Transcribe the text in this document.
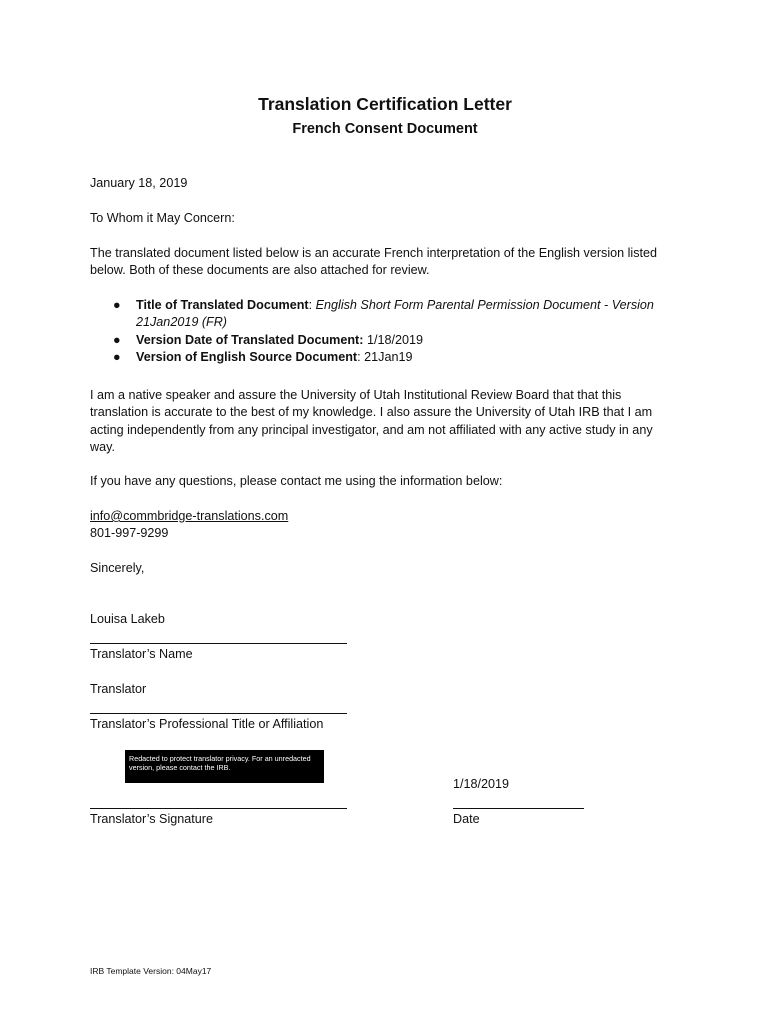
Translation Certification Letter
French Consent Document
January 18, 2019
To Whom it May Concern:
The translated document listed below is an accurate French interpretation of the English version listed below. Both of these documents are also attached for review.
● Title of Translated Document: English Short Form Parental Permission Document - Version 21Jan2019 (FR)
● Version Date of Translated Document: 1/18/2019
● Version of English Source Document: 21Jan19
I am a native speaker and assure the University of Utah Institutional Review Board that that this translation is accurate to the best of my knowledge. I also assure the University of Utah IRB that I am acting independently from any principal investigator, and am not affiliated with any active study in any way.
If you have any questions, please contact me using the information below:
info@commbridge-translations.com
801-997-9299
Sincerely,
Louisa Lakeb
Translator’s Name
Translator
Translator’s Professional Title or Affiliation
Redacted to protect translator privacy. For an unredacted version, please contact the IRB.
1/18/2019
Translator’s Signature	Date
IRB Template Version: 04May17
